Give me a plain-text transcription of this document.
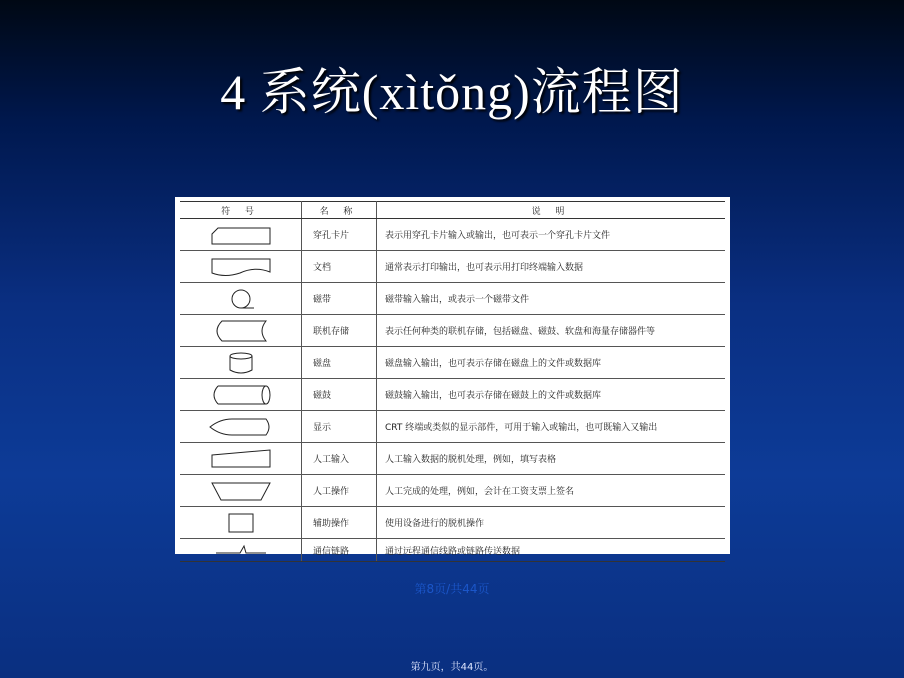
4 系统(xìtǒng)流程图
符 号	名 称	说 明

	穿孔卡片	表示用穿孔卡片输入或输出，也可表示一个穿孔卡片文件

	文档	通常表示打印输出，也可表示用打印终端输入数据

	磁带	磁带输入输出，或表示一个磁带文件

	联机存储	表示任何种类的联机存储，包括磁盘、磁鼓、软盘和海量存储器件等

	磁盘	磁盘输入输出，也可表示存储在磁盘上的文件或数据库

	磁鼓	磁鼓输入输出，也可表示存储在磁鼓上的文件或数据库

	显示	CRT 终端或类似的显示部件，可用于输入或输出，也可既输入又输出

	人工输入	人工输入数据的脱机处理，例如，填写表格

	人工操作	人工完成的处理，例如，会计在工资支票上签名

	辅助操作	使用设备进行的脱机操作

	通信链路	通过远程通信线路或链路传送数据
第8页/共44页
第九页，共44页。
